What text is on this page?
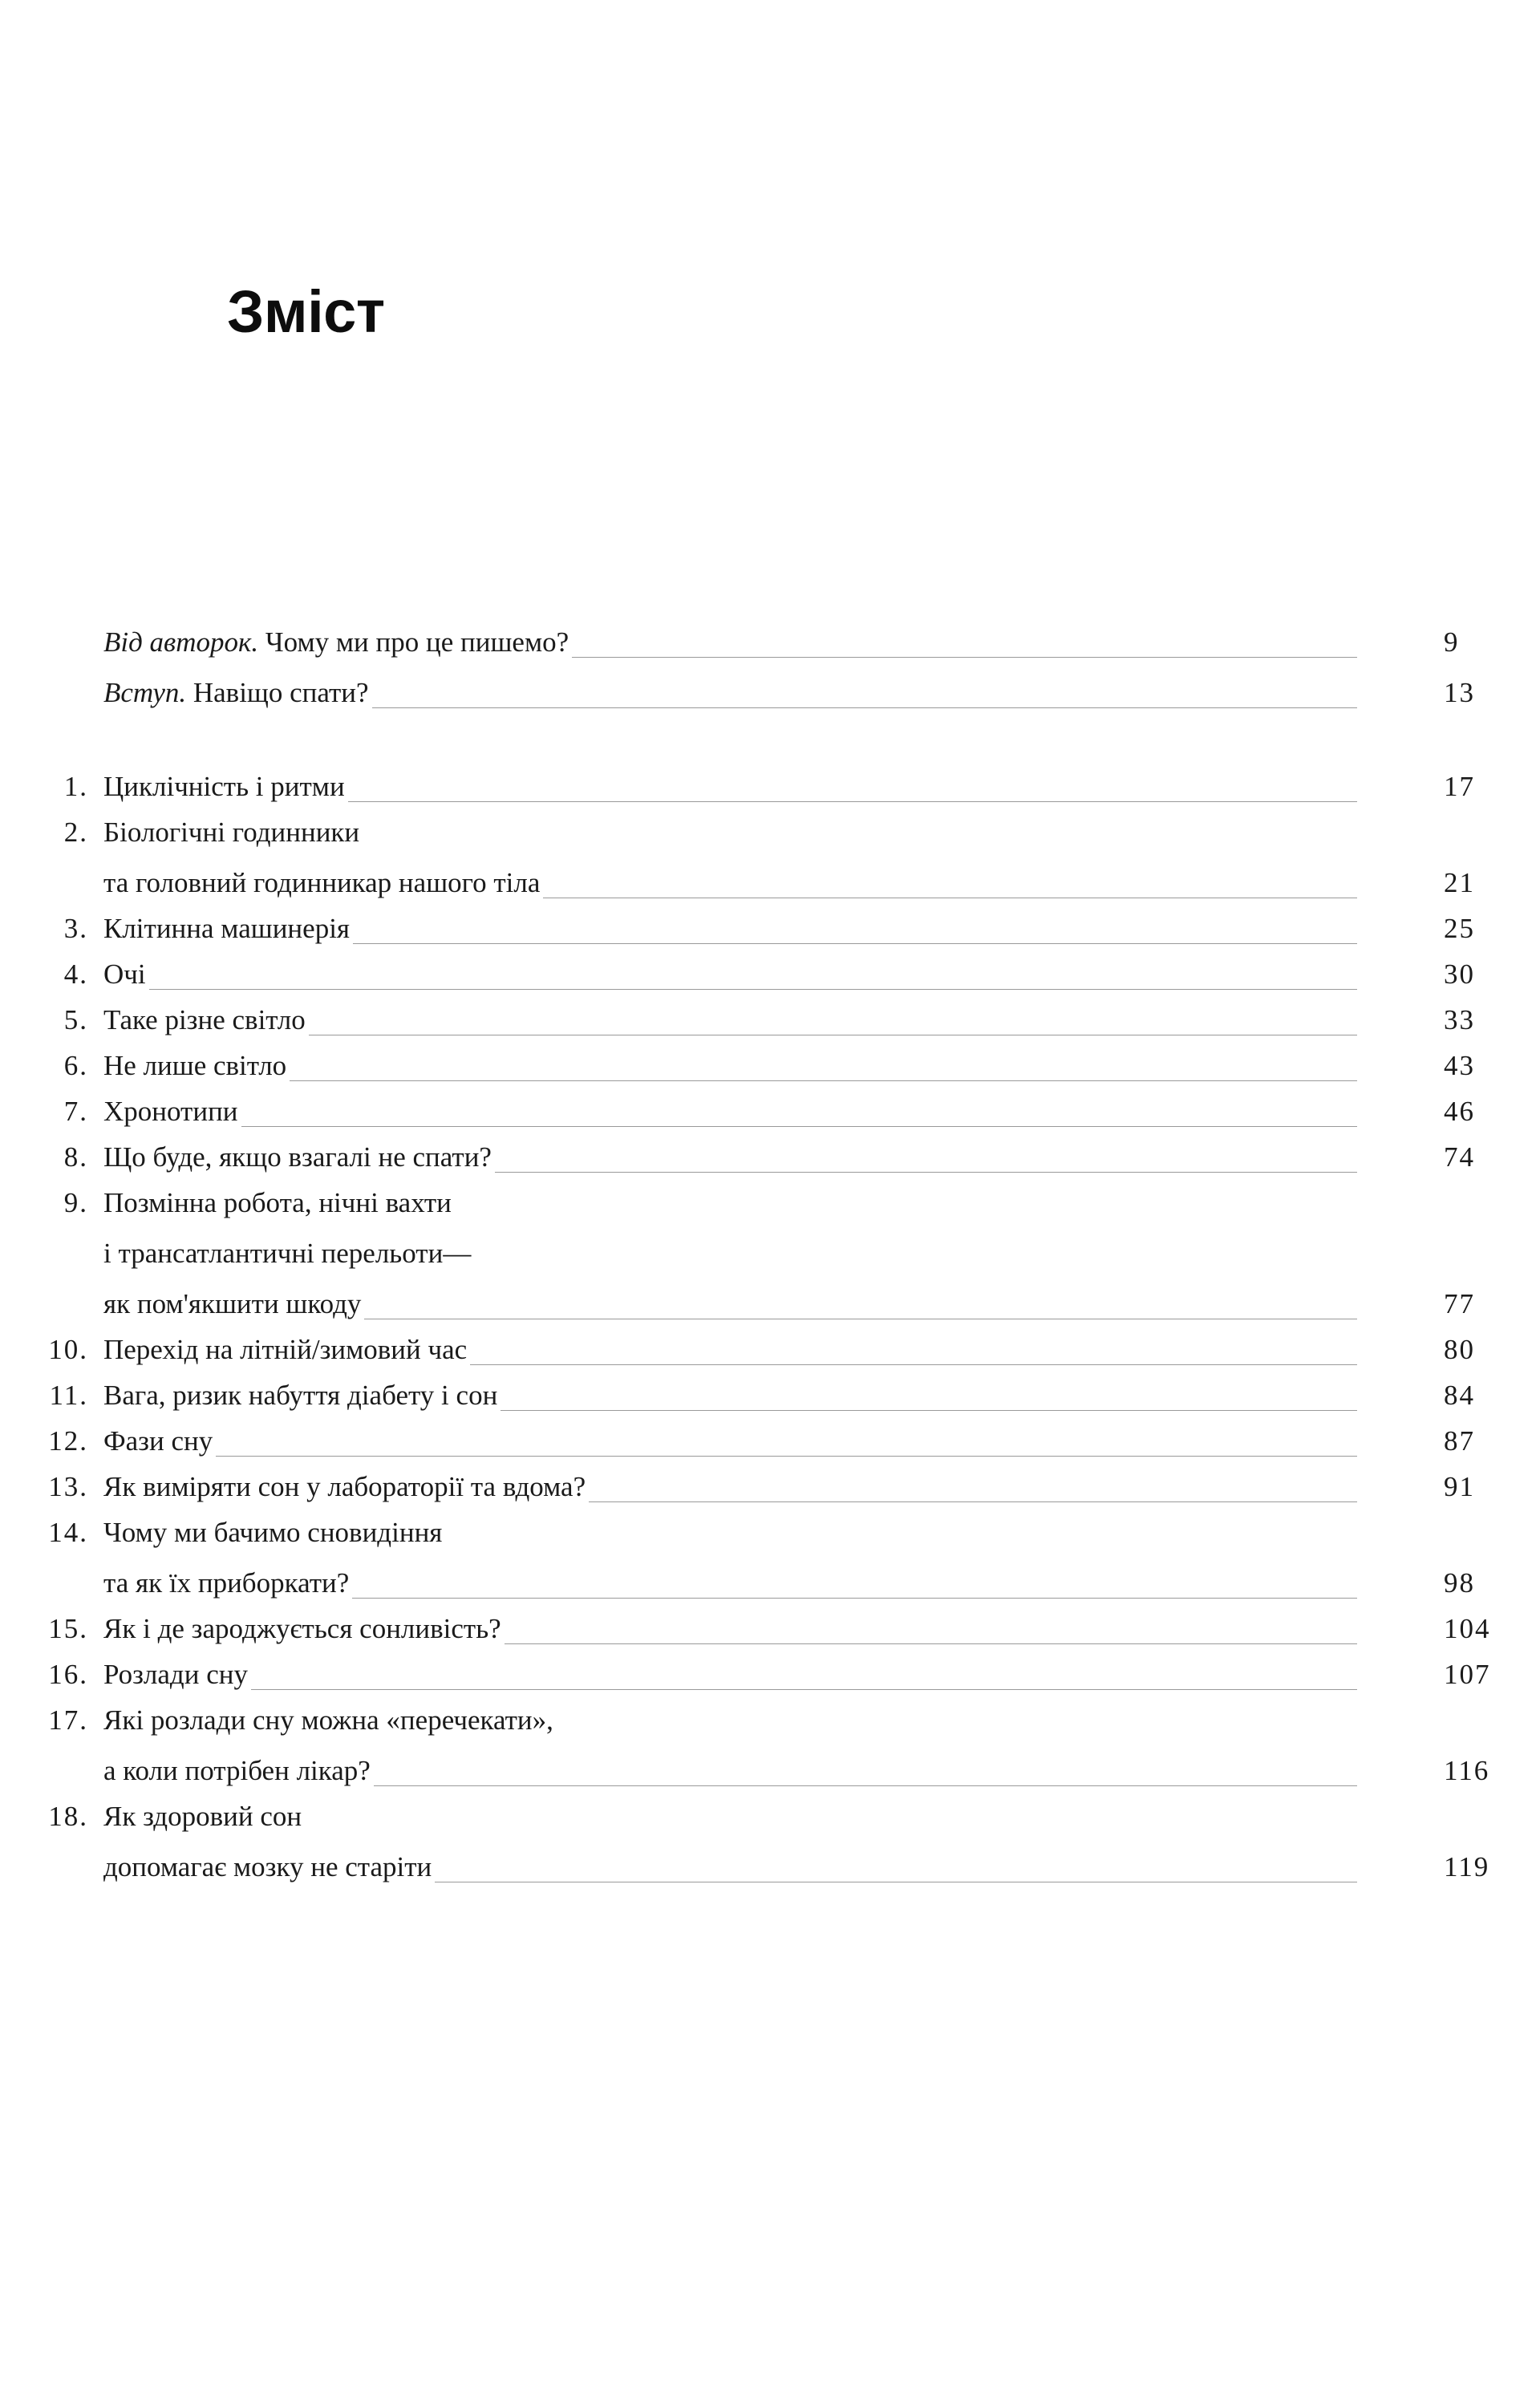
Зміст
Від авторок. Чому ми про це пишемо?	9
Вступ. Навіщо спати?	13
1. Циклічність і ритми	17
2. Біологічні годинники
та головний годинникар нашого тіла	21
3. Клітинна машинерія	25
4. Очі	30
5. Таке різне світло	33
6. Не лише світло	43
7. Хронотипи	46
8. Що буде, якщо взагалі не спати?	74
9. Позмінна робота, нічні вахти
і трансатлантичні перельоти—
як пом'якшити шкоду	77
10. Перехід на літній/зимовий час	80
11. Вага, ризик набуття діабету і сон	84
12. Фази сну	87
13. Як виміряти сон у лабораторії та вдома?	91
14. Чому ми бачимо сновидіння
та як їх приборкати?	98
15. Як і де зароджується сонливість?	104
16. Розлади сну	107
17. Які розлади сну можна «перечекати»,
а коли потрібен лікар?	116
18. Як здоровий сон
допомагає мозку не старіти	119
